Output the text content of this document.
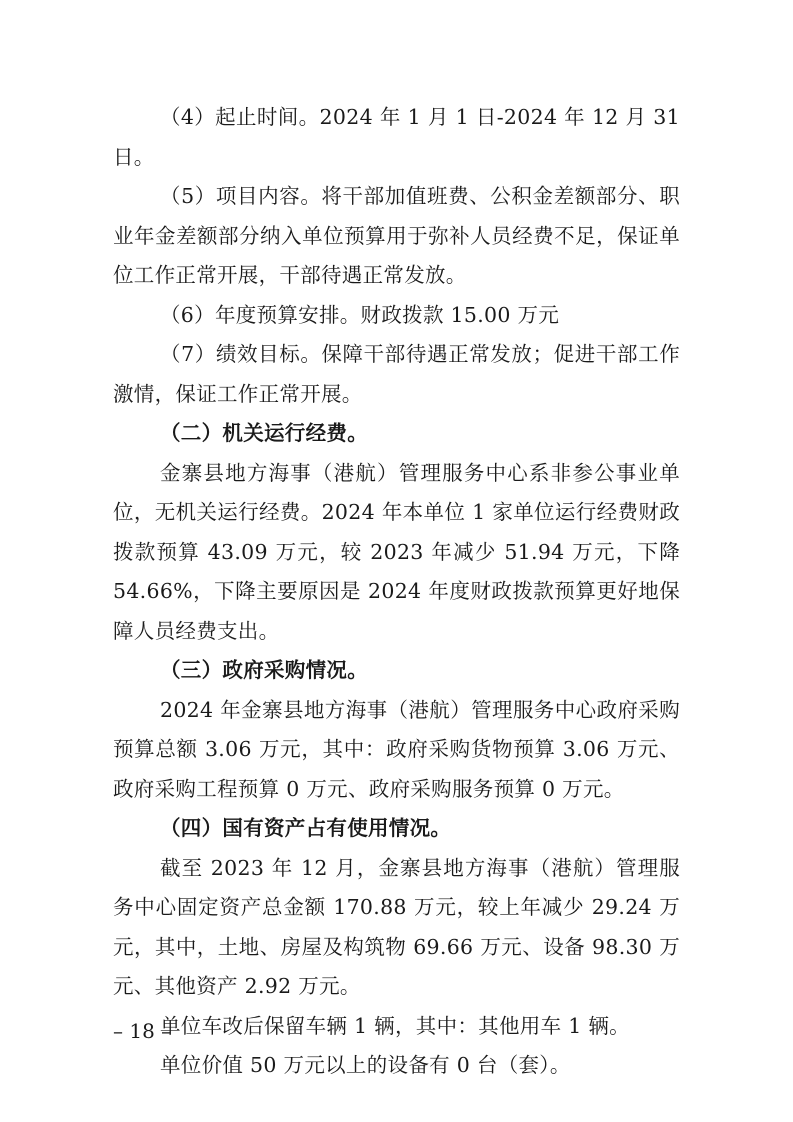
（4）起止时间。2024 年 1 月 1 日-2024 年 12 月 31 日。

（5）项目内容。将干部加值班费、公积金差额部分、职业年金差额部分纳入单位预算用于弥补人员经费不足，保证单位工作正常开展，干部待遇正常发放。

（6）年度预算安排。财政拨款 15.00 万元

（7）绩效目标。保障干部待遇正常发放；促进干部工作激情，保证工作正常开展。

（二）机关运行经费。

金寨县地方海事（港航）管理服务中心系非参公事业单位，无机关运行经费。2024 年本单位 1 家单位运行经费财政拨款预算 43.09 万元，较 2023 年减少 51.94 万元，下降 54.66%，下降主要原因是 2024 年度财政拨款预算更好地保障人员经费支出。

（三）政府采购情况。

2024 年金寨县地方海事（港航）管理服务中心政府采购预算总额 3.06 万元，其中：政府采购货物预算 3.06 万元、政府采购工程预算 0 万元、政府采购服务预算 0 万元。

（四）国有资产占有使用情况。

截至 2023 年 12 月，金寨县地方海事（港航）管理服务中心固定资产总金额 170.88 万元，较上年减少 29.24 万元，其中，土地、房屋及构筑物 69.66 万元、设备 98.30 万元、其他资产 2.92 万元。

单位车改后保留车辆 1 辆，其中：其他用车 1 辆。

单位价值 50 万元以上的设备有 0 台（套）。

– 18 –
